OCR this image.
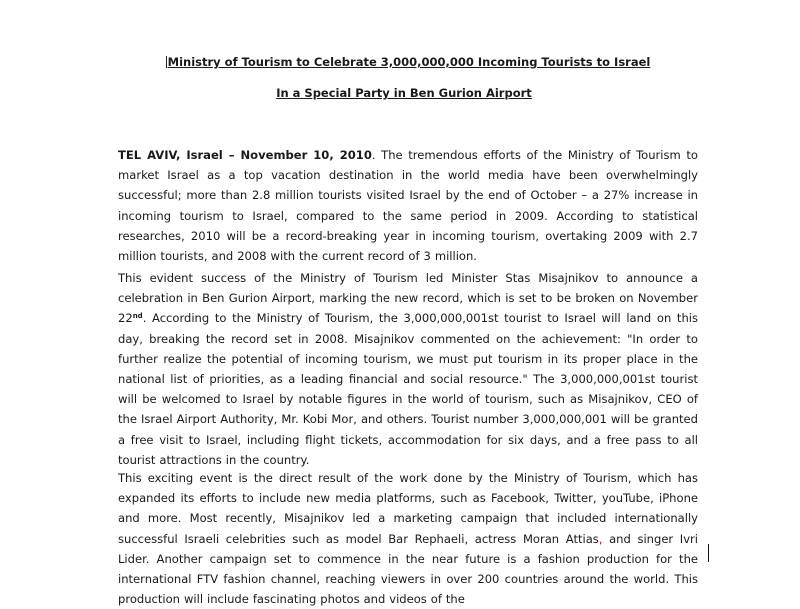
Ministry of Tourism to Celebrate 3,000,000,000 Incoming Tourists to Israel
In a Special Party in Ben Gurion Airport

TEL AVIV, Israel – November 10, 2010. The tremendous efforts of the Ministry of Tourism to market Israel as a top vacation destination in the world media have been overwhelmingly successful; more than 2.8 million tourists visited Israel by the end of October – a 27% increase in incoming tourism to Israel, compared to the same period in 2009. According to statistical researches, 2010 will be a record-breaking year in incoming tourism, overtaking 2009 with 2.7 million tourists, and 2008 with the current record of 3 million.

This evident success of the Ministry of Tourism led Minister Stas Misajnikov to announce a celebration in Ben Gurion Airport, marking the new record, which is set to be broken on November 22nd. According to the Ministry of Tourism, the 3,000,000,001st tourist to Israel will land on this day, breaking the record set in 2008. Misajnikov commented on the achievement: "In order to further realize the potential of incoming tourism, we must put tourism in its proper place in the national list of priorities, as a leading financial and social resource." The 3,000,000,001st tourist will be welcomed to Israel by notable figures in the world of tourism, such as Misajnikov, CEO of the Israel Airport Authority, Mr. Kobi Mor, and others. Tourist number 3,000,000,001 will be granted a free visit to Israel, including flight tickets, accommodation for six days, and a free pass to all tourist attractions in the country.

This exciting event is the direct result of the work done by the Ministry of Tourism, which has expanded its efforts to include new media platforms, such as Facebook, Twitter, youTube, iPhone and more. Most recently, Misajnikov led a marketing campaign that included internationally successful Israeli celebrities such as model Bar Rephaeli, actress Moran Attias, and singer Ivri Lider. Another campaign set to commence in the near future is a fashion production for the international FTV fashion channel, reaching viewers in over 200 countries around the world. This production will include fascinating photos and videos of the
